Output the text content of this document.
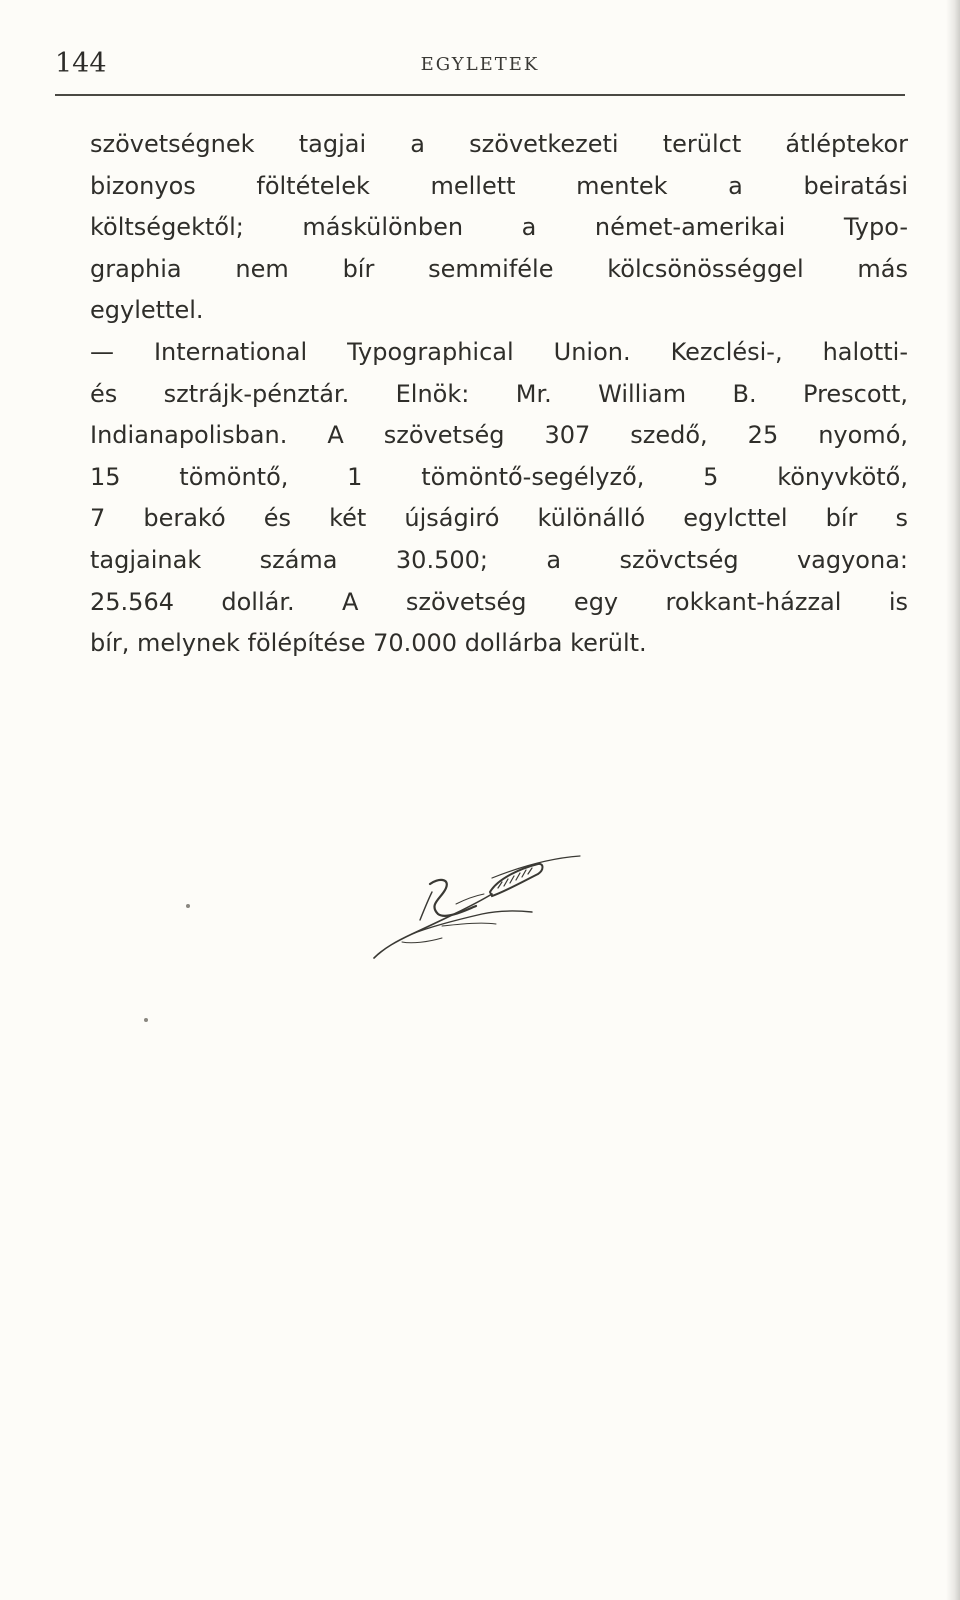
144	EGYLETEK
szövetségnek tagjai a szövetkezeti terülct átléptekor
bizonyos föltételek mellett mentek a beiratási
költségektől; máskülönben a német-amerikai Typo-
graphia nem bír semmiféle kölcsönösséggel más
egylettel.
— International Typographical Union. Kezclési-, halotti-
és sztrájk-pénztár. Elnök: Mr. William B. Prescott,
Indianapolisban. A szövetség 307 szedő, 25 nyomó,
15 tömöntő, 1 tömöntő-segélyző, 5 könyvkötő,
7 berakó és két újságiró különálló egylcttel bír s
tagjainak száma 30.500; a szövctség vagyona:
25.564 dollár. A szövetség egy rokkant-házzal is
bír, melynek fölépítése 70.000 dollárba került.
